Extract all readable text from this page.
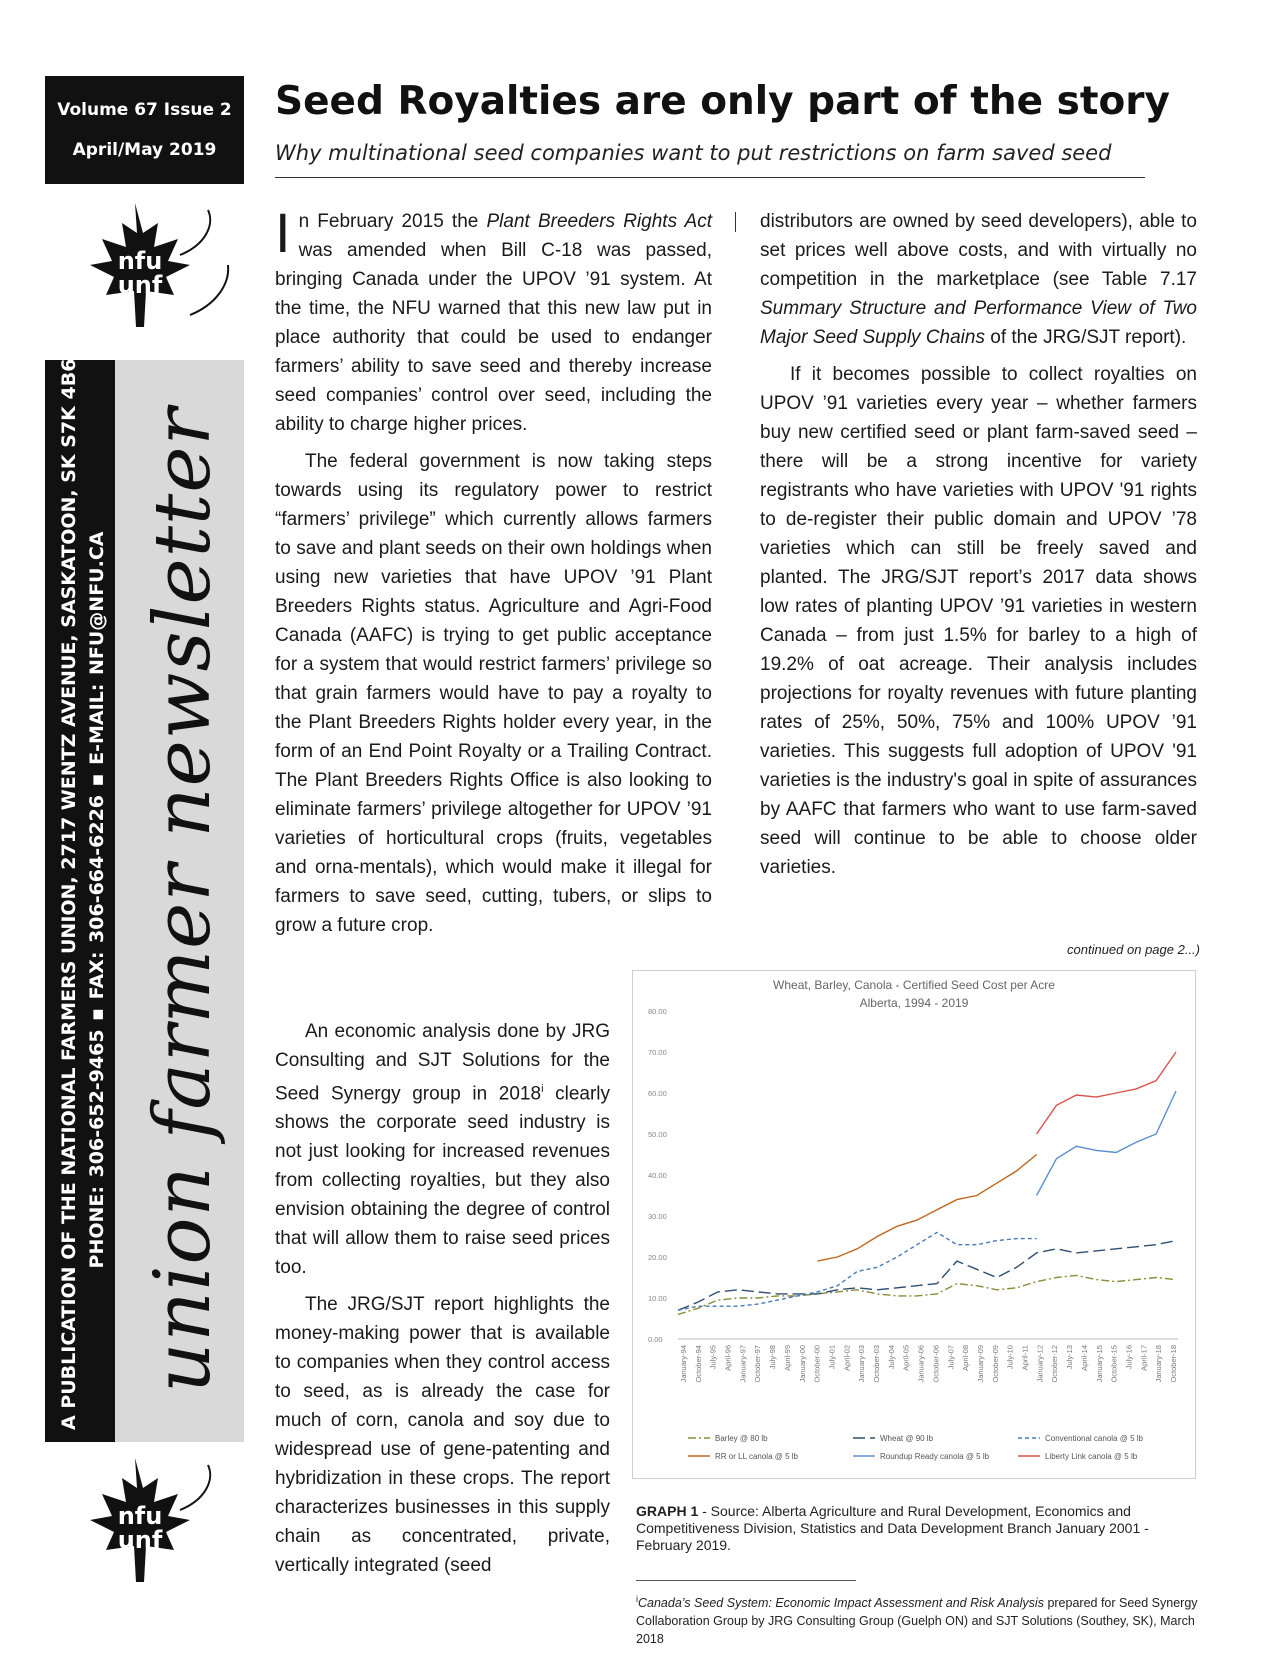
Volume 67 Issue 2
April/May 2019
nfu
unf
A PUBLICATION OF THE NATIONAL FARMERS UNION, 2717 WENTZ AVENUE, SASKATOON, SK S7K 4B6 PHONE: 306-652-9465 ▪ FAX: 306-664-6226 ▪ E-MAIL: NFU@NFU.CA union farmer newsletter
nfu
unf
Seed Royalties are only part of the story
Why multinational seed companies want to put restrictions on farm saved seed

In February 2015 the Plant Breeders Rights Act was amended when Bill C-18 was passed, bringing Canada under the UPOV ’91 system. At the time, the NFU warned that this new law put in place authority that could be used to endanger farmers’ ability to save seed and thereby increase seed companies’ control over seed, including the ability to charge higher prices.

The federal government is now taking steps towards using its regulatory power to restrict “farmers’ privilege” which currently allows farmers to save and plant seeds on their own holdings when using new varieties that have UPOV ’91 Plant Breeders Rights status. Agriculture and Agri-Food Canada (AAFC) is trying to get public acceptance for a system that would restrict farmers’ privilege so that grain farmers would have to pay a royalty to the Plant Breeders Rights holder every year, in the form of an End Point Royalty or a Trailing Contract. The Plant Breeders Rights Office is also looking to eliminate farmers’ privilege altogether for UPOV ’91 varieties of horticultural crops (fruits, vegetables and orna-mentals), which would make it illegal for farmers to save seed, cutting, tubers, or slips to grow a future crop.

An economic analysis done by JRG Consulting and SJT Solutions for the Seed Synergy group in 2018$^i$ clearly shows the corporate seed industry is not just looking for increased revenues from collecting royalties, but they also envision obtaining the degree of control that will allow them to raise seed prices too.

The JRG/SJT report highlights the money-making power that is available to companies when they control access to seed, as is already the case for much of corn, canola and soy due to widespread use of gene-patenting and hybridization in these crops. The report characterizes businesses in this supply chain as concentrated, private, vertically integrated (seed

distributors are owned by seed developers), able to set prices well above costs, and with virtually no competition in the marketplace (see Table 7.17 Summary Structure and Performance View of Two Major Seed Supply Chains of the JRG/SJT report).

If it becomes possible to collect royalties on UPOV ’91 varieties every year – whether farmers buy new certified seed or plant farm-saved seed – there will be a strong incentive for variety registrants who have varieties with UPOV '91 rights to de-register their public domain and UPOV ’78 varieties which can still be freely saved and planted. The JRG/SJT report’s 2017 data shows low rates of planting UPOV ’91 varieties in western Canada – from just 1.5% for barley to a high of 19.2% of oat acreage. Their analysis includes projections for royalty revenues with future planting rates of 25%, 50%, 75% and 100% UPOV ’91 varieties. This suggests full adoption of UPOV '91 varieties is the industry's goal in spite of assurances by AAFC that farmers who want to use farm-saved seed will continue to be able to choose older varieties.

continued on page 2...)
Wheat, Barley, Canola - Certified Seed Cost per Acre
Alberta, 1994 - 2019
0.00
10.00
20.00
30.00
40.00
50.00
60.00
70.00
80.00
January-94 October-94 July-95 April-96 January-97 October-97 July-98 April-99 January-00 October-00 July-01 April-02 January-03 October-03 July-04 April-05 January-06 October-06 July-07 April-08 January-09 October-09 July-10 April-11 January-12 October-12 July-13 April-14 January-15 October-15 July-16 April-17 January-18 October-18
Barley @ 80 lb	Wheat @ 90 lb	Conventional canola @ 5 lb
RR or LL canola @ 5 lb	Roundup Ready canola @ 5 lb	Liberty Link canola @ 5 lb
GRAPH 1 - Source: Alberta Agriculture and Rural Development, Economics and Competitiveness Division, Statistics and Data Development Branch January 2001 - February 2019.
$^i$Canada’s Seed System: Economic Impact Assessment and Risk Analysis prepared for Seed Synergy Collaboration Group by JRG Consulting Group (Guelph ON) and SJT Solutions (Southey, SK), March 2018
